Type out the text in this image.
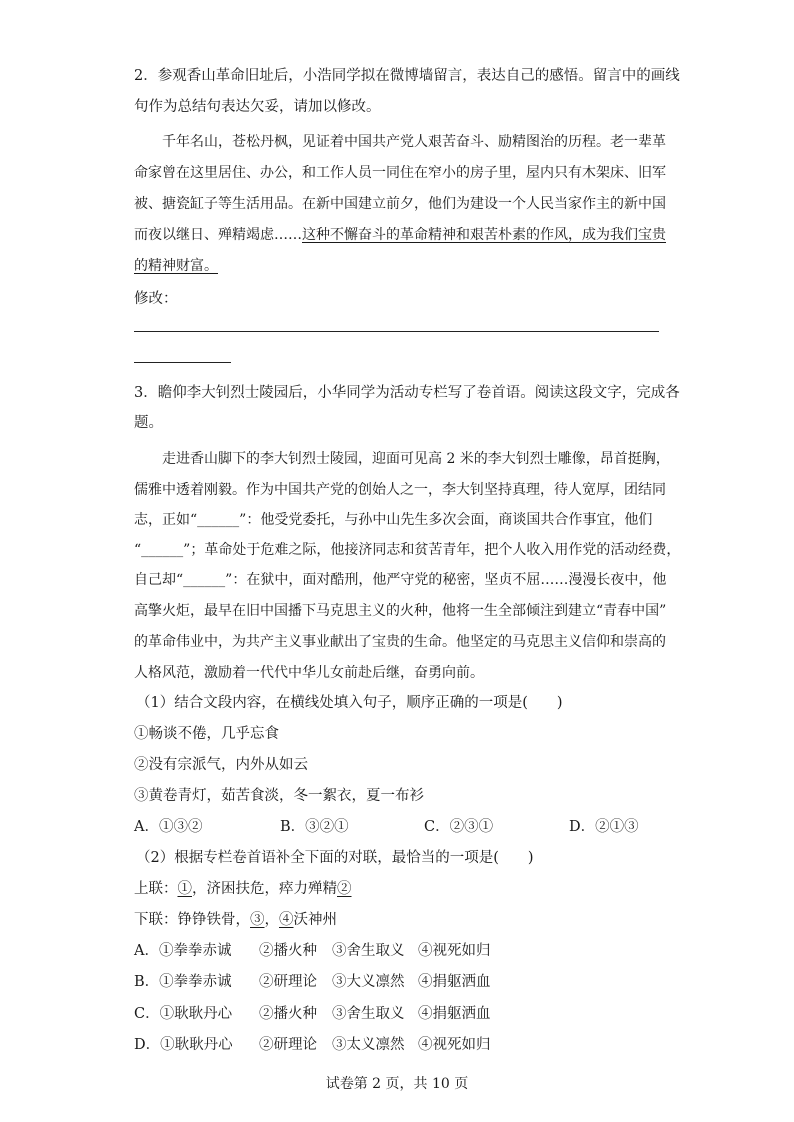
2．参观香山革命旧址后，小浩同学拟在微博墙留言，表达自己的感悟。留言中的画线
句作为总结句表达欠妥，请加以修改。
千年名山，苍松丹枫，见证着中国共产党人艰苦奋斗、励精图治的历程。老一辈革
命家曾在这里居住、办公，和工作人员一同住在窄小的房子里，屋内只有木架床、旧军
被、搪瓷缸子等生活用品。在新中国建立前夕，他们为建设一个人民当家作主的新中国
而夜以继日、殚精竭虑……这种不懈奋斗的革命精神和艰苦朴素的作风，成为我们宝贵
的精神财富。
修改：
3．瞻仰李大钊烈士陵园后，小华同学为活动专栏写了卷首语。阅读这段文字，完成各
题。
走进香山脚下的李大钊烈士陵园，迎面可见高 2 米的李大钊烈士雕像，昂首挺胸，
儒雅中透着刚毅。作为中国共产党的创始人之一，李大钊坚持真理，待人宽厚，团结同
志，正如“______”：他受党委托，与孙中山先生多次会面，商谈国共合作事宜，他们
“______”；革命处于危难之际，他接济同志和贫苦青年，把个人收入用作党的活动经费，
自己却“______”：在狱中，面对酷刑，他严守党的秘密，坚贞不屈……漫漫长夜中，他
高擎火炬，最早在旧中国播下马克思主义的火种，他将一生全部倾注到建立“青春中国”
的革命伟业中，为共产主义事业献出了宝贵的生命。他坚定的马克思主义信仰和崇高的
人格风范，激励着一代代中华儿女前赴后继，奋勇向前。
（1）结合文段内容，在横线处填入句子，顺序正确的一项是(　　)
①畅谈不倦，几乎忘食
②没有宗派气，内外从如云
③黄卷青灯，茹苦食淡，冬一絮衣，夏一布衫
A．①③②	B．③②①	C．②③①	D．②①③
（2）根据专栏卷首语补全下面的对联，最恰当的一项是(　　)
上联：①，济困扶危，瘁力殚精②
下联：铮铮铁骨，③，④沃神州
A．①拳拳赤诚 ②播火种 ③舍生取义 ④视死如归
B．①拳拳赤诚 ②研理论 ③大义凛然 ④捐躯洒血
C．①耿耿丹心 ②播火种 ③舍生取义 ④捐躯洒血
D．①耿耿丹心 ②研理论 ③太义凛然 ④视死如归
试卷第 2 页，共 10 页
